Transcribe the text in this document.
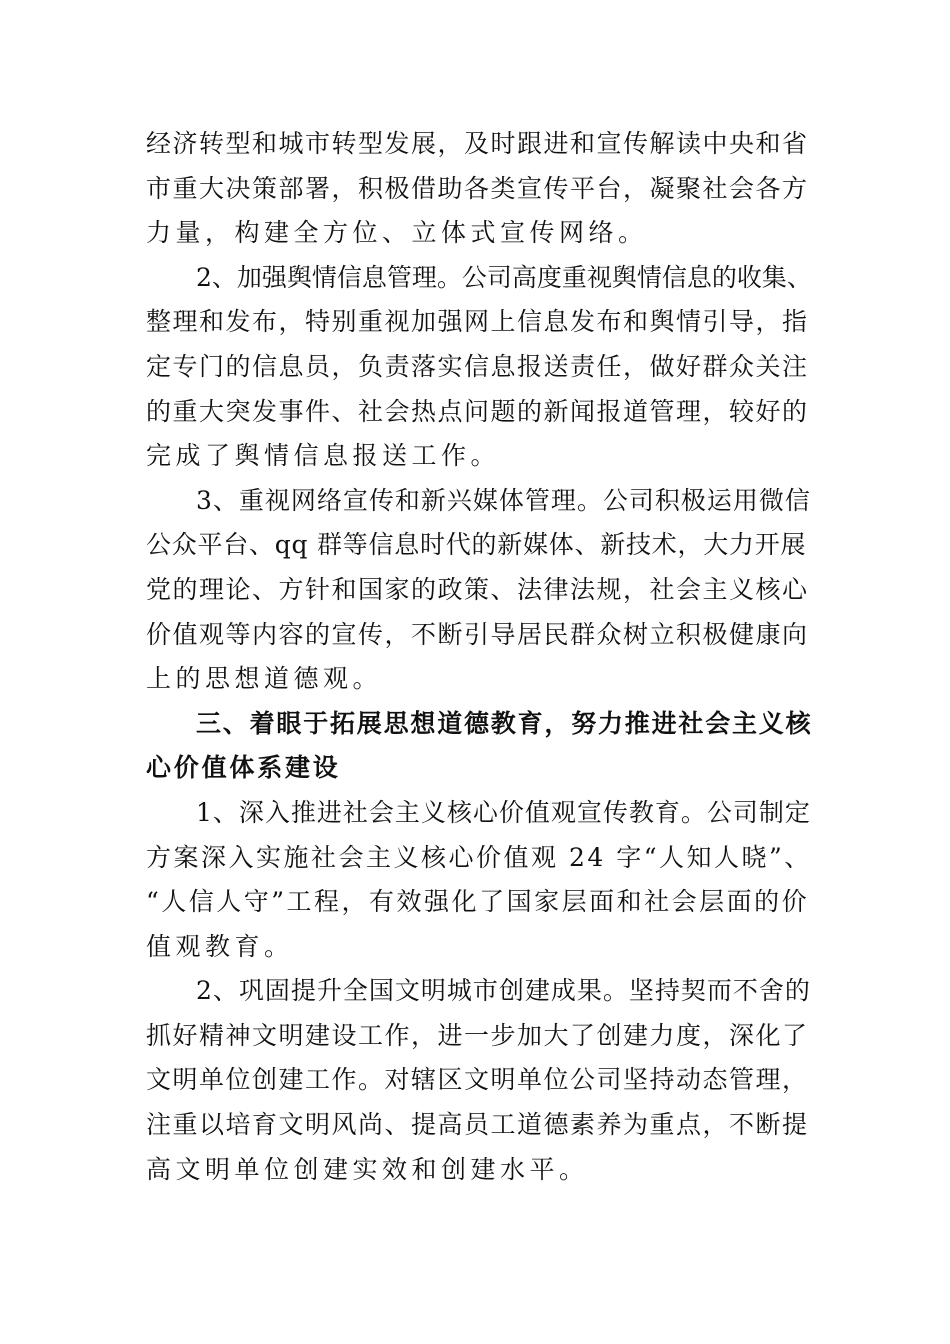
经济转型和城市转型发展，及时跟进和宣传解读中央和省
市重大决策部署，积极借助各类宣传平台，凝聚社会各方
力量，构建全方位、立体式宣传网络。
2、加强舆情信息管理。公司高度重视舆情信息的收集、
整理和发布，特别重视加强网上信息发布和舆情引导，指
定专门的信息员，负责落实信息报送责任，做好群众关注
的重大突发事件、社会热点问题的新闻报道管理，较好的
完成了舆情信息报送工作。
3、重视网络宣传和新兴媒体管理。公司积极运用微信
公众平台、qq 群等信息时代的新媒体、新技术，大力开展
党的理论、方针和国家的政策、法律法规，社会主义核心
价值观等内容的宣传，不断引导居民群众树立积极健康向
上的思想道德观。
三、着眼于拓展思想道德教育，努力推进社会主义核
心价值体系建设
1、深入推进社会主义核心价值观宣传教育。公司制定
方案深入实施社会主义核心价值观 24 字“人知人晓”、
“人信人守”工程，有效强化了国家层面和社会层面的价
值观教育。
2、巩固提升全国文明城市创建成果。坚持契而不舍的
抓好精神文明建设工作，进一步加大了创建力度，深化了
文明单位创建工作。对辖区文明单位公司坚持动态管理，
注重以培育文明风尚、提高员工道德素养为重点，不断提
高文明单位创建实效和创建水平。
